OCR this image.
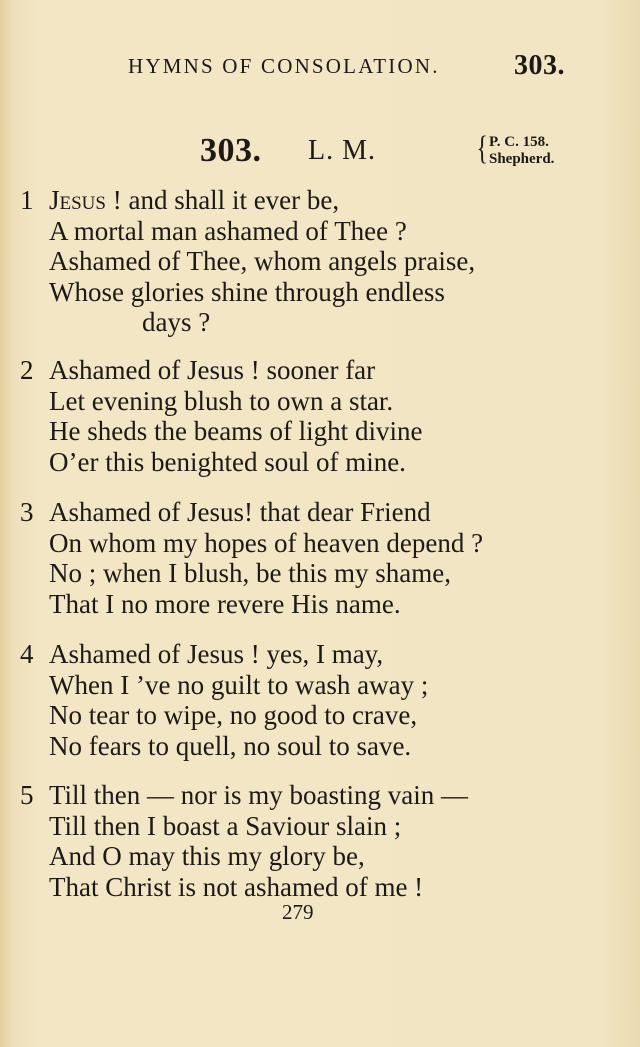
HYMNS OF CONSOLATION.	303.
303. L. M.	{ P. C. 158.
Shepherd.
1 Jesus ! and shall it ever be,
A mortal man ashamed of Thee ?
Ashamed of Thee, whom angels praise,
Whose glories shine through endless
days ?
2 Ashamed of Jesus ! sooner far
Let evening blush to own a star.
He sheds the beams of light divine
O’er this benighted soul of mine.
3 Ashamed of Jesus! that dear Friend
On whom my hopes of heaven depend ?
No ; when I blush, be this my shame,
That I no more revere His name.
4 Ashamed of Jesus ! yes, I may,
When I ’ve no guilt to wash away ;
No tear to wipe, no good to crave,
No fears to quell, no soul to save.
5 Till then — nor is my boasting vain —
Till then I boast a Saviour slain ;
And O may this my glory be,
That Christ is not ashamed of me !
279
